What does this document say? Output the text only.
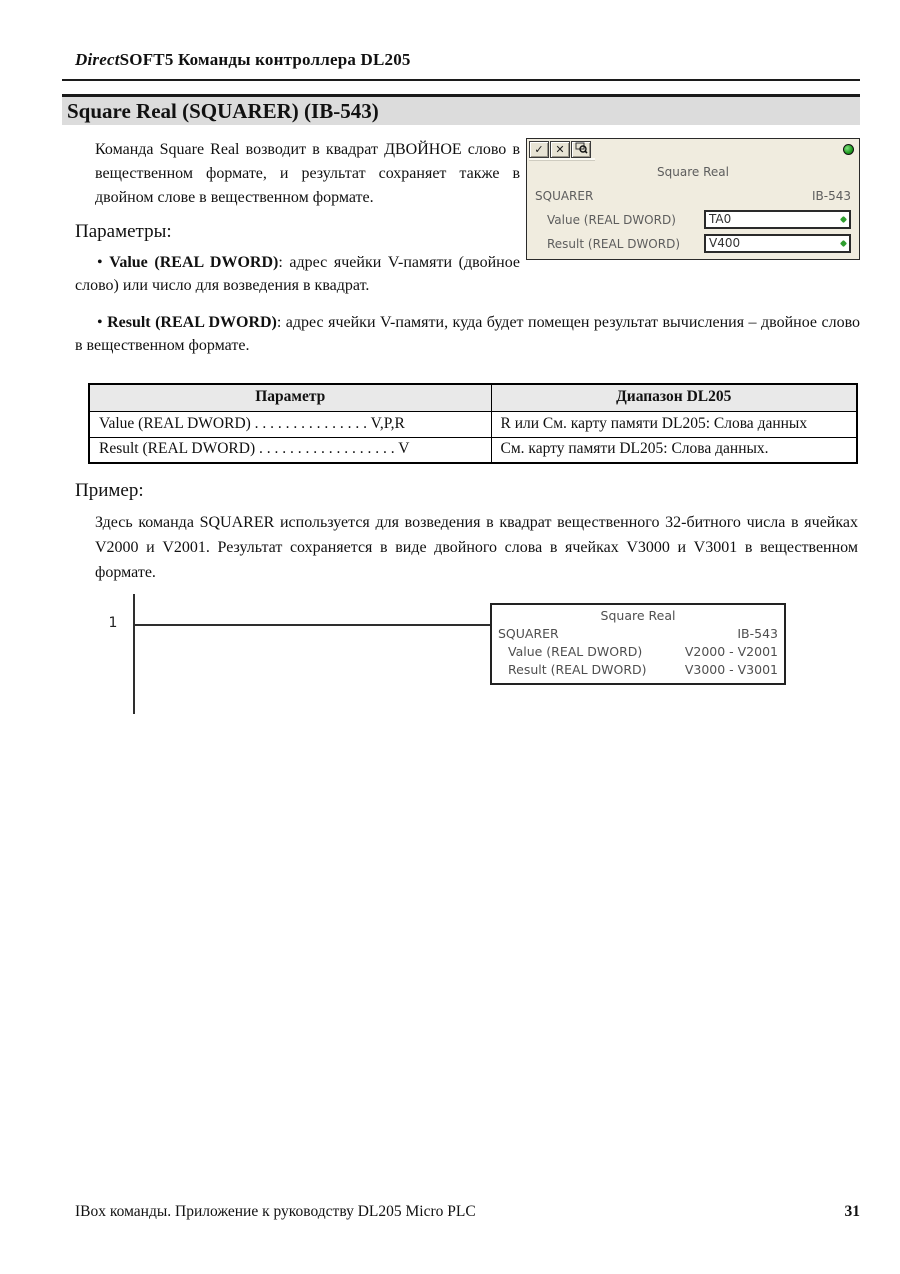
DirectSOFT5 Команды контроллера DL205
Square Real (SQUARER) (IB-543)

Команда Square Real возводит в квадрат ДВОЙНОЕ слово в вещественном формате, и результат сохраняет также в двойном слове в вещественном формате.

Параметры:

• Value (REAL DWORD): адрес ячейки V-памяти (двойное слово) или число для возведения в квадрат.

✓	✕
Square Real
SQUARER	IB-543
Value (REAL DWORD)	TA0
Result (REAL DWORD)	V400

• Result (REAL DWORD): адрес ячейки V-памяти, куда будет помещен результат вычисления – двойное слово в вещественном формате.

Параметр	Диапазон DL205
Value (REAL DWORD) . . . . . . . . . . . . . . . V,P,R	R или См. карту памяти DL205: Слова данных
Result (REAL DWORD) . . . . . . . . . . . . . . . . . . V	См. карту памяти DL205: Слова данных.
Пример:

Здесь команда SQUARER используется для возведения в квадрат вещественного 32-битного числа в ячейках V2000 и V2001. Результат сохраняется в виде двойного слова в ячейках V3000 и V3001 в вещественном формате.

1	Square Real
SQUARER	IB-543
Value (REAL DWORD)	V2000 - V2001
Result (REAL DWORD)	V3000 - V3001
IBox команды. Приложение к руководству DL205 Micro PLC	31
